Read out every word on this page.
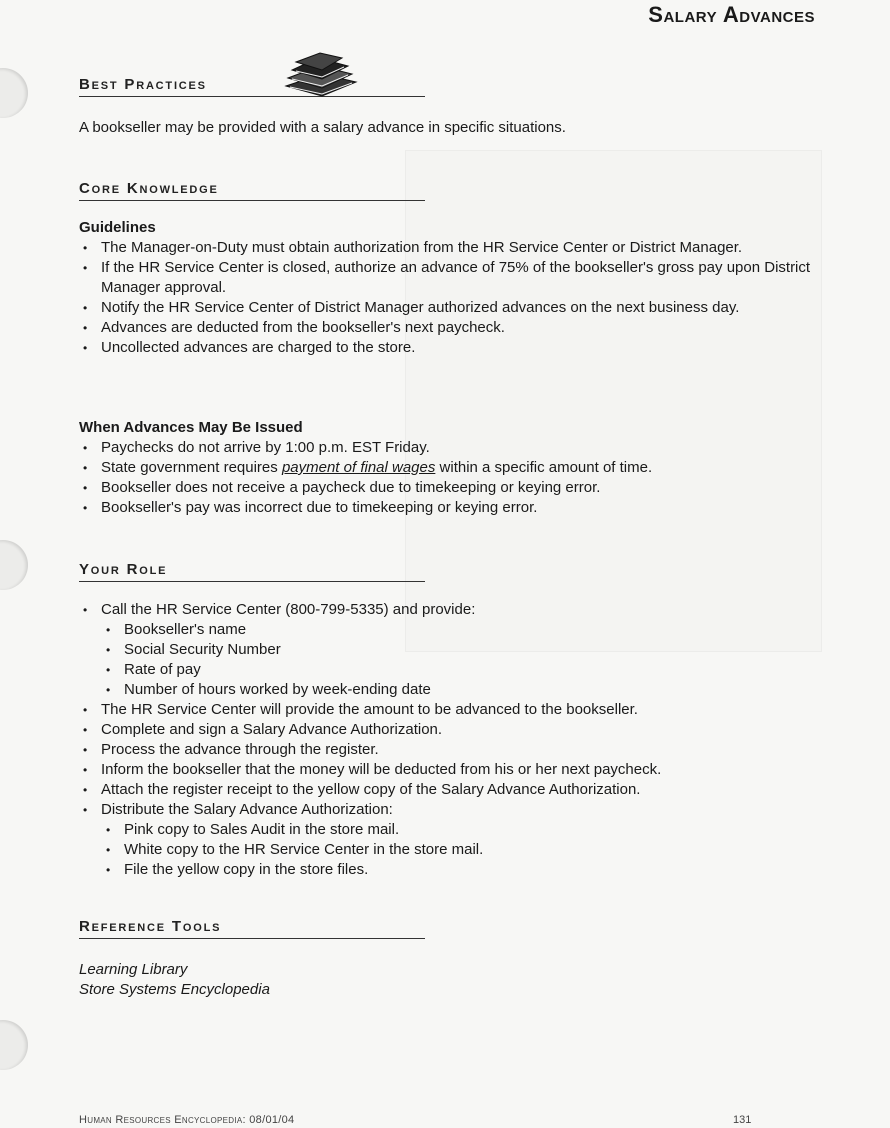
Salary Advances
Best Practices

A bookseller may be provided with a salary advance in specific situations.

Core Knowledge
Guidelines
• The Manager-on-Duty must obtain authorization from the HR Service Center or District Manager.
• If the HR Service Center is closed, authorize an advance of 75% of the bookseller's gross pay upon District Manager approval.
• Notify the HR Service Center of District Manager authorized advances on the next business day.
• Advances are deducted from the bookseller's next paycheck.
• Uncollected advances are charged to the store.
When Advances May Be Issued
• Paychecks do not arrive by 1:00 p.m. EST Friday.
• State government requires payment of final wages within a specific amount of time.
• Bookseller does not receive a paycheck due to timekeeping or keying error.
• Bookseller's pay was incorrect due to timekeeping or keying error.
Your Role
• Call the HR Service Center (800-799-5335) and provide:
• Bookseller's name
• Social Security Number
• Rate of pay
• Number of hours worked by week-ending date
• The HR Service Center will provide the amount to be advanced to the bookseller.
• Complete and sign a Salary Advance Authorization.
• Process the advance through the register.
• Inform the bookseller that the money will be deducted from his or her next paycheck.
• Attach the register receipt to the yellow copy of the Salary Advance Authorization.
• Distribute the Salary Advance Authorization:
• Pink copy to Sales Audit in the store mail.
• White copy to the HR Service Center in the store mail.
• File the yellow copy in the store files.
Reference Tools
Learning Library
Store Systems Encyclopedia
Human Resources Encyclopedia: 08/01/04	131
